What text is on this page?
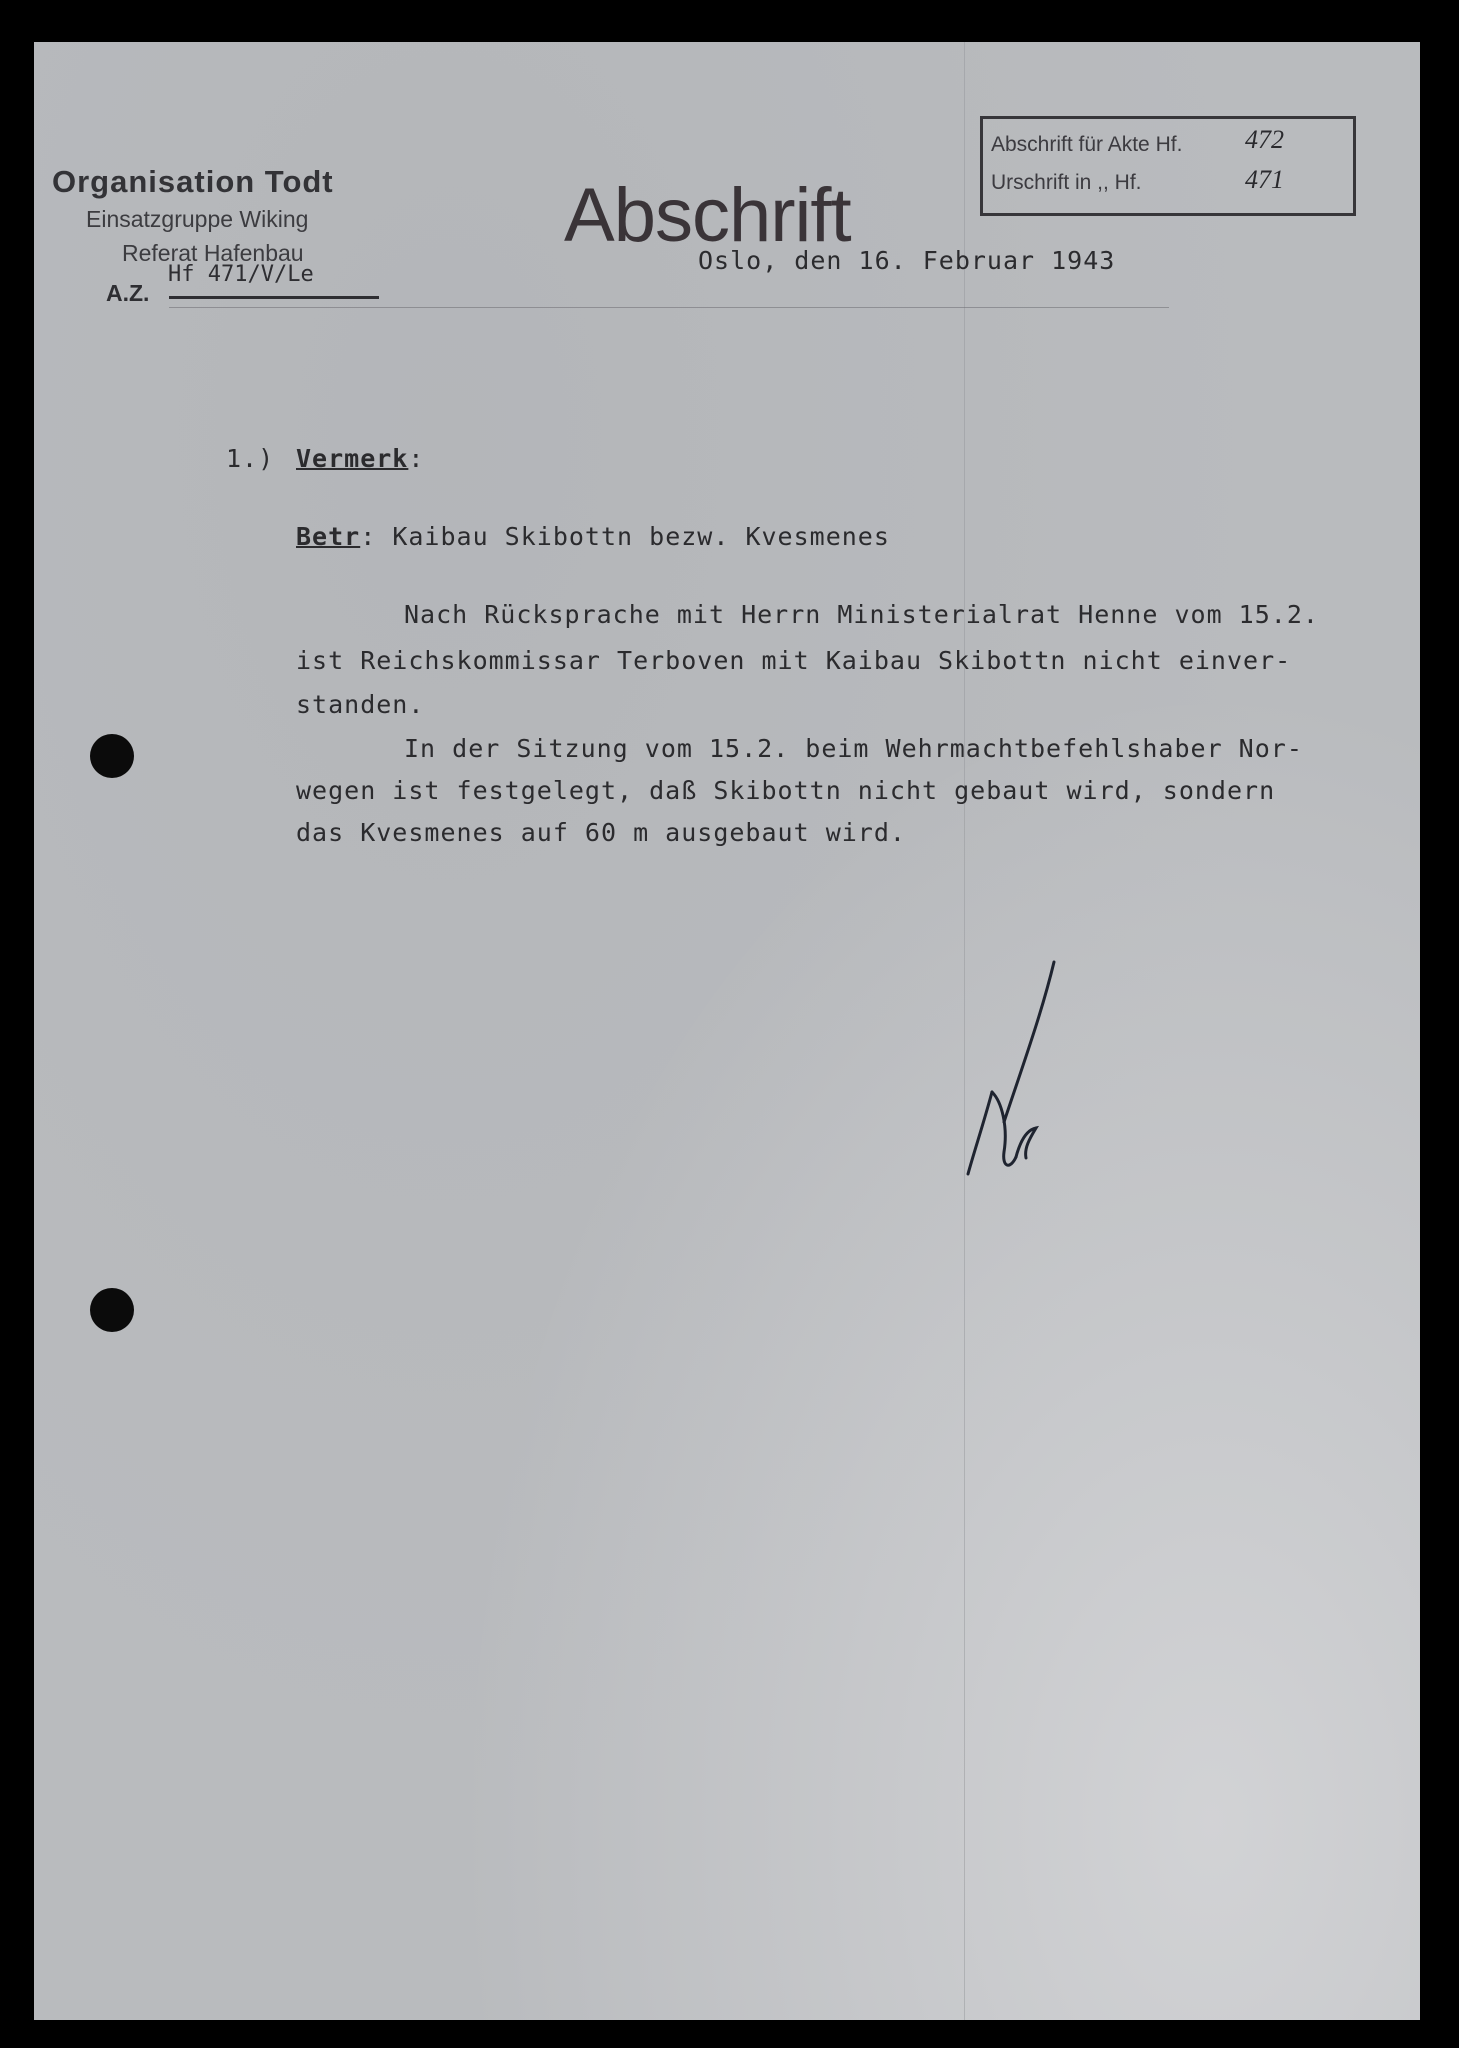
Organisation Todt
Einsatzgruppe Wiking
Referat Hafenbau
A.Z.
Hf 471/V/Le
Abschrift
Abschrift für Akte Hf. 472
Urschrift in ,, Hf.	471
Oslo, den 16. Februar 1943
1.) Vermerk:
Betr: Kaibau Skibottn bezw. Kvesmenes
Nach Rücksprache mit Herrn Ministerialrat Henne vom 15.2.
ist Reichskommissar Terboven mit Kaibau Skibottn nicht einver-
standen.
In der Sitzung vom 15.2. beim Wehrmachtbefehlshaber Nor-
wegen ist festgelegt, daß Skibottn nicht gebaut wird, sondern
das Kvesmenes auf 60 m ausgebaut wird.
